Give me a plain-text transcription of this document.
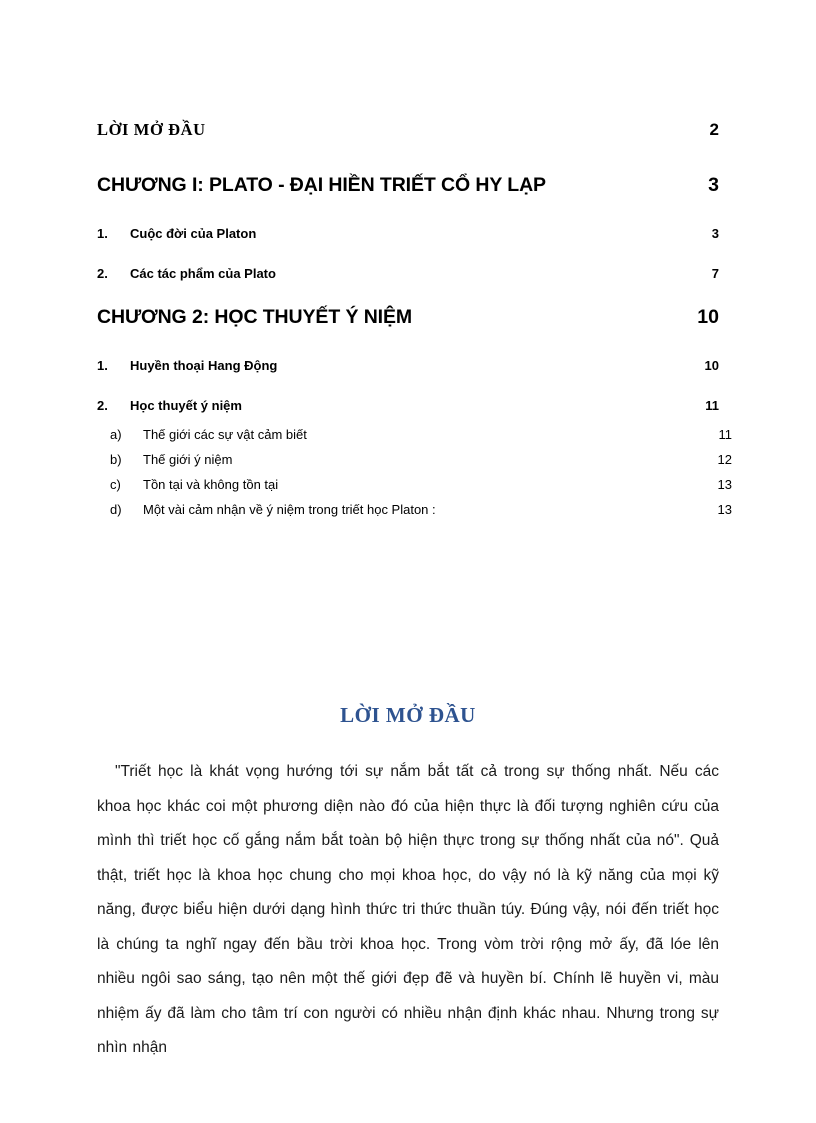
LỜI MỞ ĐẦU	2
CHƯƠNG I: PLATO - ĐẠI HIỀN TRIẾT CỔ HY LẠP	3
1.	Cuộc đời của Platon	3
2.	Các tác phẩm của Plato	7
CHƯƠNG 2: HỌC THUYẾT Ý NIỆM	10
1.	Huyền thoại Hang Động	10
2.	Học thuyết ý niệm	11
a)	Thế giới các sự vật cảm biết	11
b)	Thế giới ý niệm	12
c)	Tồn tại và không tồn tại	13
d)	Một vài cảm nhận về ý niệm trong triết học Platon :	13
LỜI MỞ ĐẦU
"Triết học là khát vọng hướng tới sự nắm bắt tất cả trong sự thống nhất. Nếu các khoa học khác coi một phương diện nào đó của hiện thực là đối tượng nghiên cứu của mình thì triết học cố gắng nắm bắt toàn bộ hiện thực trong sự thống nhất của nó". Quả thật, triết học là khoa học chung cho mọi khoa học, do vậy nó là kỹ năng của mọi kỹ năng, được biểu hiện dưới dạng hình thức tri thức thuần túy. Đúng vậy, nói đến triết học là chúng ta nghĩ ngay đến bầu trời khoa học. Trong vòm trời rộng mở ấy, đã lóe lên nhiều ngôi sao sáng, tạo nên một thế giới đẹp đẽ và huyền bí. Chính lẽ huyền vi, màu nhiệm ấy đã làm cho tâm trí con người có nhiều nhận định khác nhau. Nhưng trong sự nhìn nhận
